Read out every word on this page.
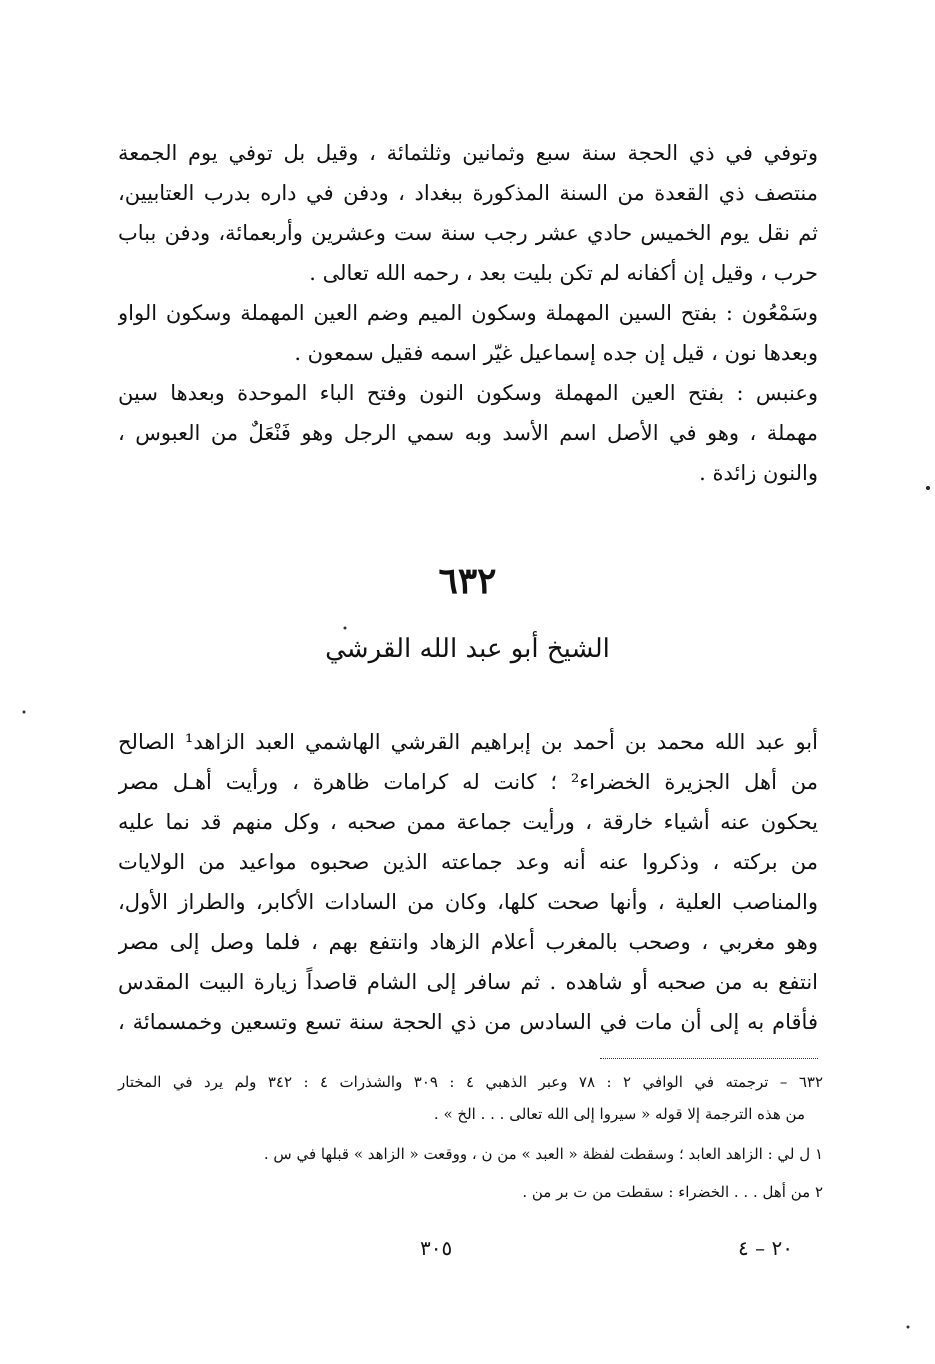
وتوفي في ذي الحجة سنة سبع وثمانين وثلثمائة ، وقيل بل توفي يوم الجمعة
منتصف ذي القعدة من السنة المذكورة ببغداد ، ودفن في داره بدرب العتابيين،
ثم نقل يوم الخميس حادي عشر رجب سنة ست وعشرين وأربعمائة، ودفن بباب
حرب ، وقيل إن أكفانه لم تكن بليت بعد ، رحمه الله تعالى .
وسَمْعُون : بفتح السين المهملة وسكون الميم وضم العين المهملة وسكون الواو
وبعدها نون ، قيل إن جده إسماعيل غيّر اسمه فقيل سمعون .
وعنبس : بفتح العين المهملة وسكون النون وفتح الباء الموحدة وبعدها سين
مهملة ، وهو في الأصل اسم الأسد وبه سمي الرجل وهو فَنْعَلٌ من العبوس ،
والنون زائدة .
٦٣٢
الشيخ أبو عبد الله القرشي
أبو عبد الله محمد بن أحمد بن إبراهيم القرشي الهاشمي العبد الزاهد¹ الصالح
من أهل الجزيرة الخضراء² ؛ كانت له كرامات ظاهرة ، ورأيت أهـل مصر
يحكون عنه أشياء خارقة ، ورأيت جماعة ممن صحبه ، وكل منهم قد نما عليه
من بركته ، وذكروا عنه أنه وعد جماعته الذين صحبوه مواعيد من الولايات
والمناصب العلية ، وأنها صحت كلها، وكان من السادات الأكابر، والطراز الأول،
وهو مغربي ، وصحب بالمغرب أعلام الزهاد وانتفع بهم ، فلما وصل إلى مصر
انتفع به من صحبه أو شاهده . ثم سافر إلى الشام قاصداً زيارة البيت المقدس
فأقام به إلى أن مات في السادس من ذي الحجة سنة تسع وتسعين وخمسمائة ،
٦٣٢ – ترجمته في الوافي ٢ : ٧٨ وعبر الذهبي ٤ : ٣٠٩ والشذرات ٤ : ٣٤٢ ولم يرد في المختار
من هذه الترجمة إلا قوله « سيروا إلى الله تعالى . . . الخ » .
١ ل لي : الزاهد العابد ؛ وسقطت لفظة « العبد » من ن ، ووقعت « الزاهد » قبلها في س .
٢ من أهل . . . الخضراء : سقطت من ت بر من .
٣٠٥	٢٠ – ٤
